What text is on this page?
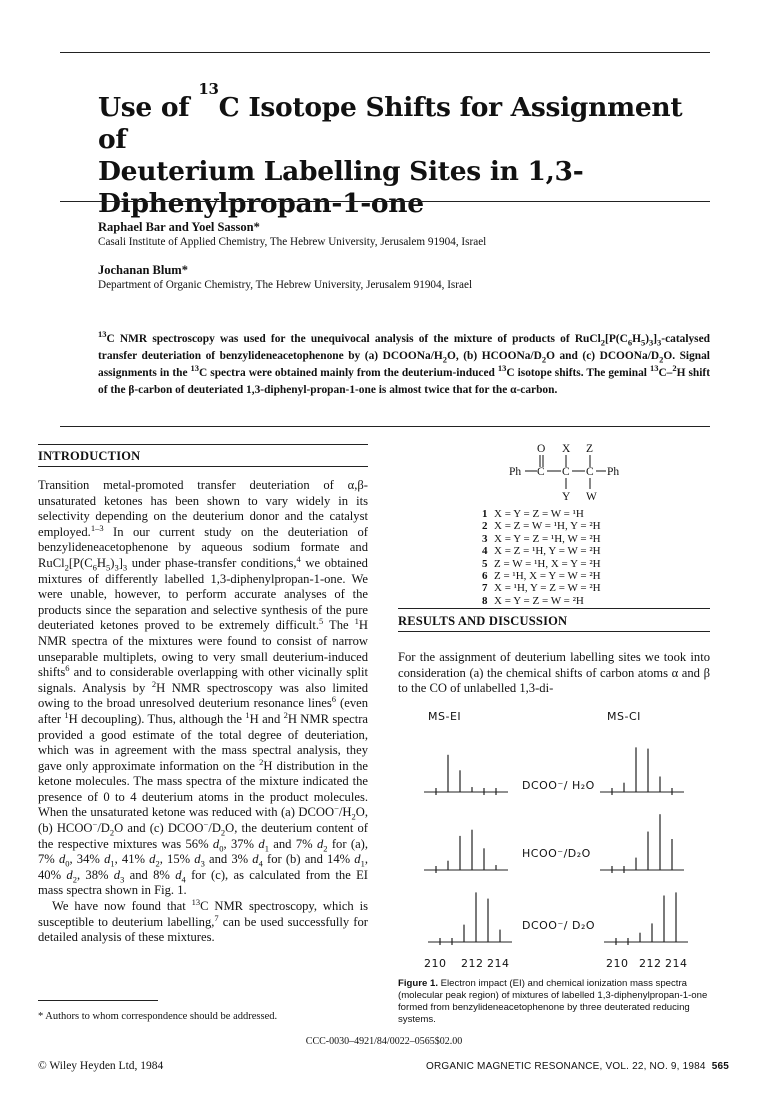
Use of $^{13}$C Isotope Shifts for Assignment of
Deuterium Labelling Sites in 1,3-
Diphenylpropan-1-one
Raphael Bar and Yoel Sasson*
Casali Institute of Applied Chemistry, The Hebrew University, Jerusalem 91904, Israel
Jochanan Blum*
Department of Organic Chemistry, The Hebrew University, Jerusalem 91904, Israel
$^{13}$C NMR spectroscopy was used for the unequivocal analysis of the mixture of products of $RuCl_2[P(C_6H_5)_3]_3$-catalysed transfer deuteriation of benzylideneacetophenone by (a) DCOONa/$H_2O$, (b) HCOONa/$D_2O$ and (c) DCOONa/$D_2O$. Signal assignments in the $^{13}$C spectra were obtained mainly from the deuterium-induced $^{13}$C isotope shifts. The geminal $^{13}$C–$^2$H shift of the β-carbon of deuteriated 1,3-diphenyl-propan-1-one is almost twice that for the α-carbon.
INTRODUCTION

Transition metal-promoted transfer deuteriation of α,β-unsaturated ketones has been shown to vary widely in its selectivity depending on the deuterium donor and the catalyst employed.$^{1-3}$ In our current study on the deuteriation of benzylideneacetophenone by aqueous sodium formate and $RuCl_2[P(C_6H_5)_3]_3$ under phase-transfer conditions,$^4$ we obtained mixtures of differently labelled 1,3-diphenylpropan-1-one. We were unable, however, to perform accurate analyses of the products since the separation and selective synthesis of the pure deuteriated ketones proved to be extremely difficult.$^5$ The $^1$H NMR spectra of the mixtures were found to consist of narrow unseparable multiplets, owing to very small deuterium-induced shifts$^6$ and to considerable overlapping with other vicinally split signals. Analysis by $^2$H NMR spectroscopy was also limited owing to the broad unresolved deuterium resonance lines$^6$ (even after $^1$H decoupling). Thus, although the $^1$H and $^2$H NMR spectra provided a good estimate of the total degree of deuteriation, which was in agreement with the mass spectral analysis, they gave only approximate information on the $^2$H distribution in the ketone molecules. The mass spectra of the mixture indicated the presence of 0 to 4 deuterium atoms in the product molecules. When the unsaturated ketone was reduced with (a) $DCOO^-/H_2O$, (b) $HCOO^-/D_2O$ and (c) $DCOO^-/D_2O$, the deuterium content of the respective mixtures was 56% $d_0$, 37% $d_1$ and 7% $d_2$ for (a), 7% $d_0$, 34% $d_1$, 41% $d_2$, 15% $d_3$ and 3% $d_4$ for (b) and 14% $d_1$, 40% $d_2$, 38% $d_3$ and 8% $d_4$ for (c), as calculated from the EI mass spectra shown in Fig. 1.

We have now found that $^{13}$C NMR spectroscopy, which is susceptible to deuterium labelling,$^7$ can be used successfully for detailed analysis of these mixtures.

* Authors to whom correspondence should be addressed.
O X Z
Ph C C C Ph
Y W
1 X = Y = Z = W = ¹H
2 X = Z = W = ¹H, Y = ²H
3 X = Y = Z = ¹H, W = ²H
4 X = Z = ¹H, Y = W = ²H
5 Z = W = ¹H, X = Y = ²H
6 Z = ¹H, X = Y = W = ²H
7 X = ¹H, Y = Z = W = ²H
8 X = Y = Z = W = ²H
RESULTS AND DISCUSSION

For the assignment of deuterium labelling sites we took into consideration (a) the chemical shifts of carbon atoms α and β to the CO of unlabelled 1,3-di-

MS-EI	MS-CI
DCOO⁻/ H₂O
HCOO⁻/D₂O
DCOO⁻/ D₂O
210 212 214	210 212 214
Figure 1. Electron impact (EI) and chemical ionization mass spectra (molecular peak region) of mixtures of labelled 1,3-diphenylpropan-1-one formed from benzylideneacetophenone by three deuterated reducing systems.
CCC-0030–4921/84/0022–0565$02.00
© Wiley Heyden Ltd, 1984	ORGANIC MAGNETIC RESONANCE, VOL. 22, NO. 9, 1984 565
